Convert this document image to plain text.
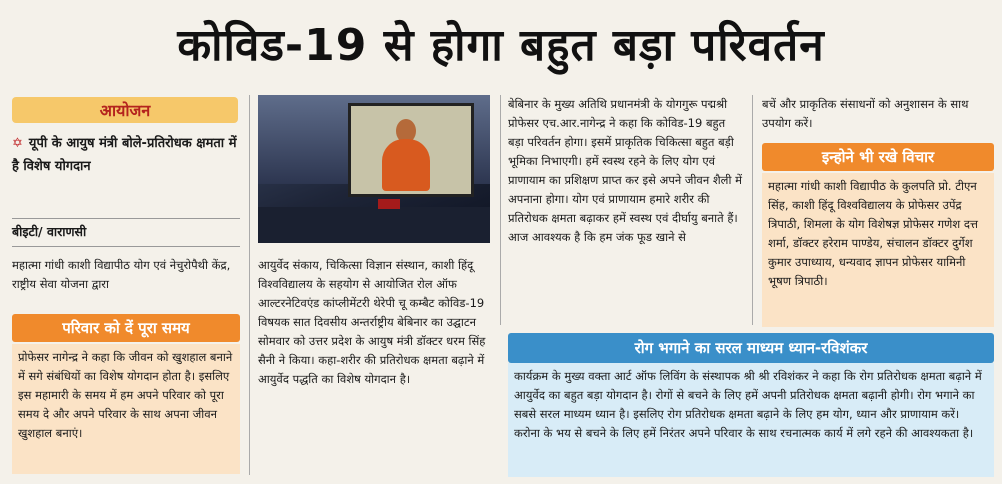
कोविड-19 से होगा बहुत बड़ा परिवर्तन
आयोजन
✡ यूपी के आयुष मंत्री बोले-प्रतिरोधक क्षमता में है विशेष योगदान
बीइटी/ वाराणसी
महात्मा गांधी काशी विद्यापीठ योग एवं नेचुरोपैथी केंद्र, राष्ट्रीय सेवा योजना द्वारा
परिवार को दें पूरा समय
प्रोफेसर नागेन्द्र ने कहा कि जीवन को खुशहाल बनाने में सगे संबंधियों का विशेष योगदान होता है। इसलिए इस महामारी के समय में हम अपने परिवार को पूरा समय दे और अपने परिवार के साथ अपना जीवन खुशहाल बनाएं।
आयुर्वेद संकाय, चिकित्सा विज्ञान संस्थान, काशी हिंदू विश्वविद्यालय के सहयोग से आयोजित रोल ऑफ आल्टरनेटिवएंड कांप्लीमेंटरी थेरेपी चू कम्बैट कोविड-19 विषयक सात दिवसीय अन्तर्राष्ट्रीय बेबिनार का उद्घाटन सोमवार को उत्तर प्रदेश के आयुष मंत्री डॉक्टर धरम सिंह सैनी ने किया। कहा-शरीर की प्रतिरोधक क्षमता बढ़ाने में आयुर्वेद पद्धति का विशेष योगदान है।
बेबिनार के मुख्य अतिथि प्रधानमंत्री के योगगुरू पद्मश्री प्रोफेसर एच.आर.नागेन्द्र ने कहा कि कोविड-19 बहुत बड़ा परिवर्तन होगा। इसमें प्राकृतिक चिकित्सा बहुत बड़ी भूमिका निभाएगी। हमें स्वस्थ रहने के लिए योग एवं प्राणायाम का प्रशिक्षण प्राप्त कर इसे अपने जीवन शैली में अपनाना होगा। योग एवं प्राणायाम हमारे शरीर की प्रतिरोधक क्षमता बढ़ाकर हमें स्वस्थ एवं दीर्घायु बनाते हैं। आज आवश्यक है कि हम जंक फूड खाने से
बचें और प्राकृतिक संसाधनों को अनुशासन के साथ उपयोग करें।
इन्होने भी रखे विचार
महात्मा गांधी काशी विद्यापीठ के कुलपति प्रो. टीएन सिंह, काशी हिंदू विश्वविद्यालय के प्रोफेसर उपेंद्र त्रिपाठी, शिमला के योग विशेषज्ञ प्रोफेसर गणेश दत्त शर्मा, डॉक्टर हरेराम पाण्डेय, संचालन डॉक्टर दुर्गेश कुमार उपाध्याय, धन्यवाद ज्ञापन प्रोफेसर यामिनी भूषण त्रिपाठी।
रोग भगाने का सरल माध्यम ध्यान-रविशंकर
कार्यक्रम के मुख्य वक्ता आर्ट ऑफ लिविंग के संस्थापक श्री श्री रविशंकर ने कहा कि रोग प्रतिरोधक क्षमता बढ़ाने में आयुर्वेद का बहुत बड़ा योगदान है। रोगों से बचने के लिए हमें अपनी प्रतिरोधक क्षमता बढ़ानी होगी। रोग भगाने का सबसे सरल माध्यम ध्यान है। इसलिए रोग प्रतिरोधक क्षमता बढ़ाने के लिए हम योग, ध्यान और प्राणायाम करें। करोना के भय से बचने के लिए हमें निरंतर अपने परिवार के साथ रचनात्मक कार्य में लगे रहने की आवश्यकता है।
